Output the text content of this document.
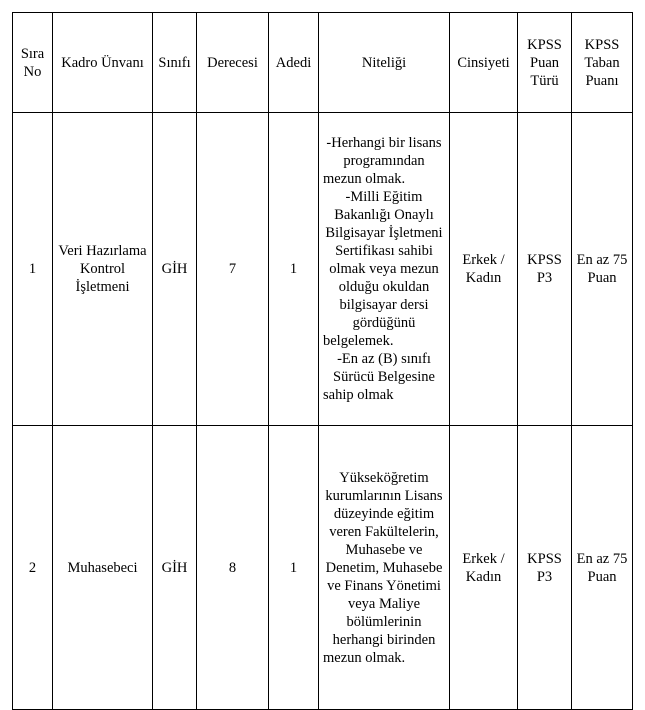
Sıra No	Kadro Ünvanı	Sınıfı	Derecesi	Adedi	Niteliği	Cinsiyeti	KPSS Puan Türü	KPSS Taban Puanı
1	Veri Hazırlama Kontrol İşletmeni	GİH	7	1	-Herhangi bir lisans programından mezun olmak.

-Milli Eğitim Bakanlığı Onaylı Bilgisayar İşletmeni Sertifikası sahibi olmak veya mezun olduğu okuldan bilgisayar dersi gördüğünü belgelemek.

-En az (B) sınıfı Sürücü Belgesine sahip olmak	Erkek / Kadın	KPSS P3	En az 75 Puan
2	Muhasebeci	GİH	8	1	Yükseköğretim kurumlarının Lisans düzeyinde eğitim veren Fakültelerin, Muhasebe ve Denetim, Muhasebe ve Finans Yönetimi veya Maliye bölümlerinin herhangi birinden mezun olmak.	Erkek / Kadın	KPSS P3	En az 75 Puan
